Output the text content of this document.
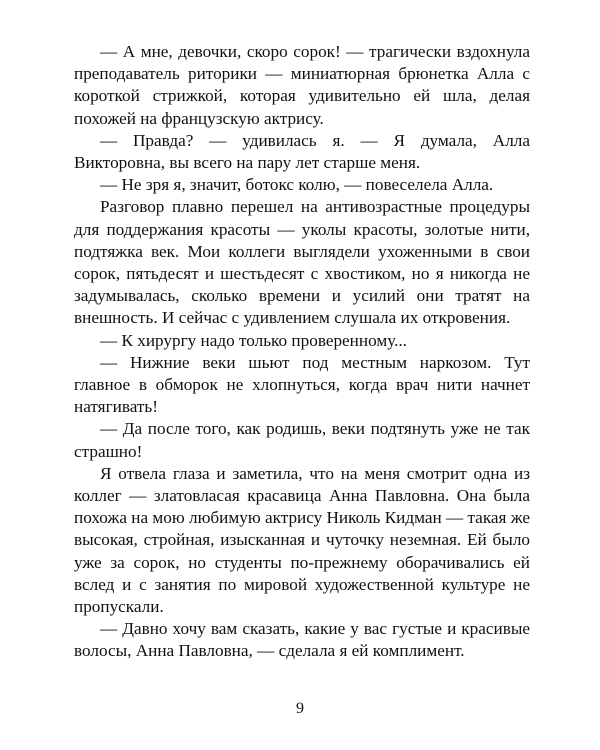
— А мне, девочки, скоро сорок! — трагически вздохнула преподаватель риторики — миниатюрная брюнетка Алла с короткой стрижкой, которая удивительно ей шла, делая похожей на французскую актрису.

— Правда? — удивилась я. — Я думала, Алла Викторовна, вы всего на пару лет старше меня.

— Не зря я, значит, ботокс колю, — повеселела Алла.

Разговор плавно перешел на антивозрастные процедуры для поддержания красоты — уколы красоты, золотые нити, подтяжка век. Мои коллеги выглядели ухоженными в свои сорок, пятьдесят и шестьдесят с хвостиком, но я никогда не задумывалась, сколько времени и усилий они тратят на внешность. И сейчас с удивлением слушала их откровения.

— К хирургу надо только проверенному...

— Нижние веки шьют под местным наркозом. Тут главное в обморок не хлопнуться, когда врач нити начнет натягивать!

— Да после того, как родишь, веки подтянуть уже не так страшно!

Я отвела глаза и заметила, что на меня смотрит одна из коллег — златовласая красавица Анна Павловна. Она была похожа на мою любимую актрису Николь Кидман — такая же высокая, стройная, изысканная и чуточку неземная. Ей было уже за сорок, но студенты по-прежнему оборачивались ей вслед и с занятия по мировой художественной культуре не пропускали.

— Давно хочу вам сказать, какие у вас густые и красивые волосы, Анна Павловна, — сделала я ей комплимент.

9
